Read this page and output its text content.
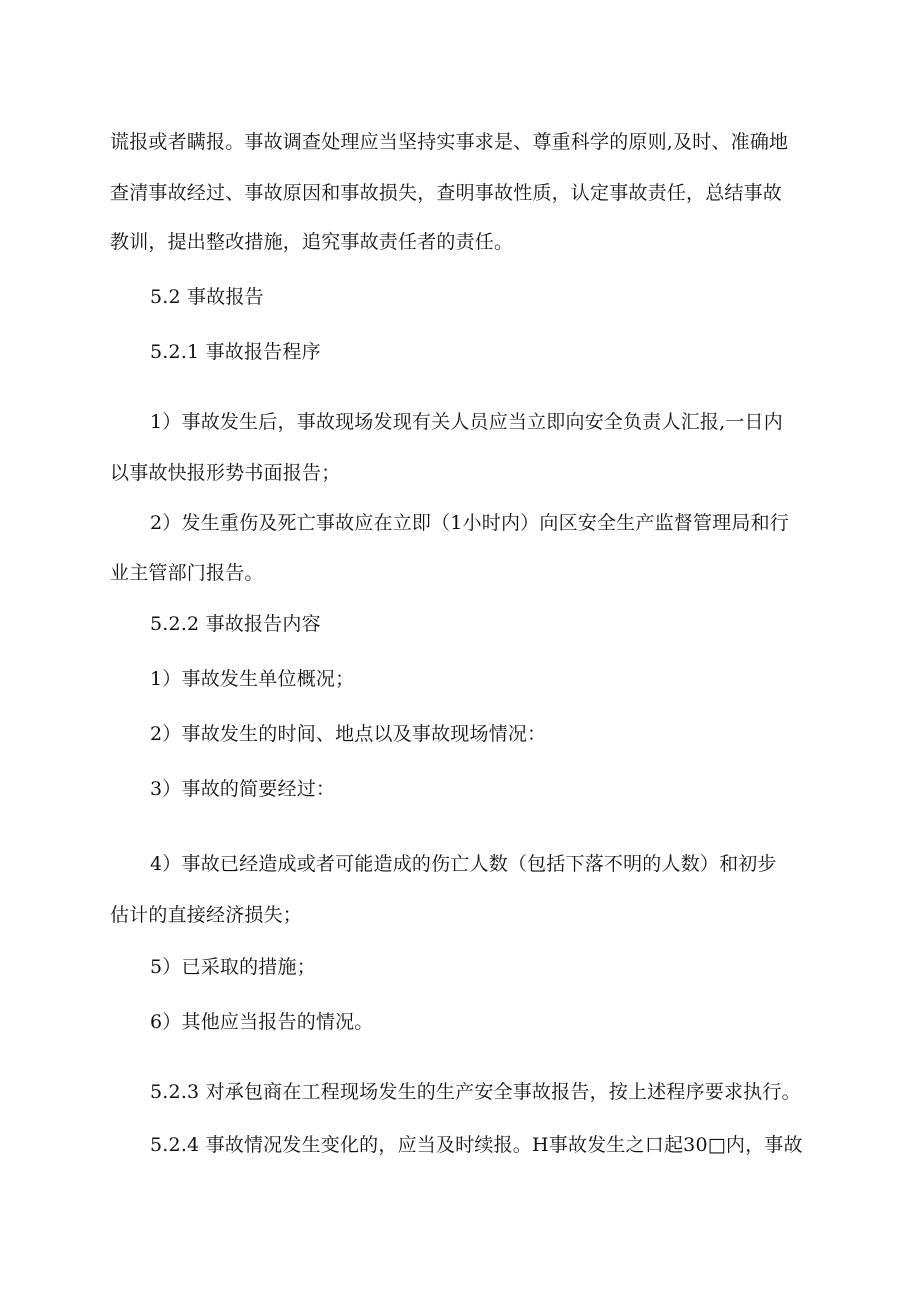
谎报或者瞒报。事故调查处理应当坚持实事求是、尊重科学的原则,及时、准确地
查清事故经过、事故原因和事故损失，查明事故性质，认定事故责任，总结事故
教训，提出整改措施，追究事故责任者的责任。
5.2 事故报告
5.2.1 事故报告程序
1）事故发生后，事故现场发现有关人员应当立即向安全负责人汇报,一日内
以事故快报形势书面报告；
2）发生重伤及死亡事故应在立即（1小时内）向区安全生产监督管理局和行
业主管部门报告。
5.2.2 事故报告内容
1）事故发生单位概况；
2）事故发生的时间、地点以及事故现场情况：
3）事故的简要经过：
4）事故已经造成或者可能造成的伤亡人数（包括下落不明的人数）和初步
估计的直接经济损失；
5）已采取的措施；
6）其他应当报告的情况。
5.2.3 对承包商在工程现场发生的生产安全事故报告，按上述程序要求执行。
5.2.4 事故情况发生变化的，应当及时续报。H事故发生之口起30□内，事故
